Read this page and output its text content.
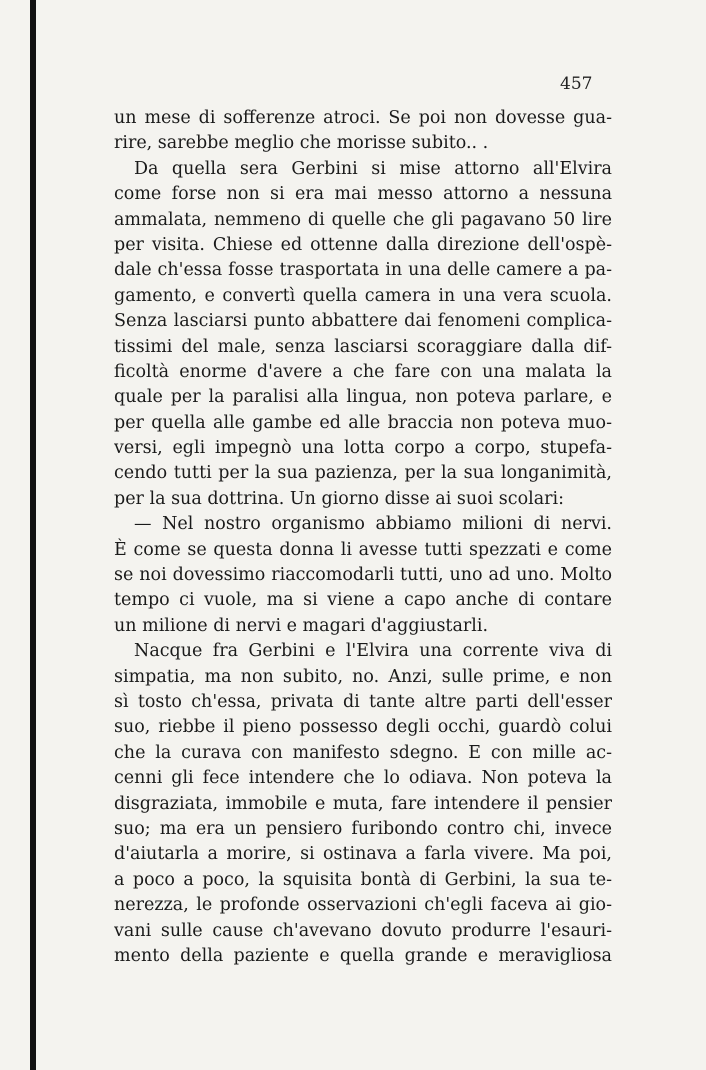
457
un mese di sofferenze atroci. Se poi non dovesse gua-
rire, sarebbe meglio che morisse subito.. .
Da quella sera Gerbini si mise attorno all'Elvira
come forse non si era mai messo attorno a nessuna
ammalata, nemmeno di quelle che gli pagavano 50 lire
per visita. Chiese ed ottenne dalla direzione dell'ospè-
dale ch'essa fosse trasportata in una delle camere a pa-
gamento, e convertì quella camera in una vera scuola.
Senza lasciarsi punto abbattere dai fenomeni complica-
tissimi del male, senza lasciarsi scoraggiare dalla dif-
ficoltà enorme d'avere a che fare con una malata la
quale per la paralisi alla lingua, non poteva parlare, e
per quella alle gambe ed alle braccia non poteva muo-
versi, egli impegnò una lotta corpo a corpo, stupefa-
cendo tutti per la sua pazienza, per la sua longanimità,
per la sua dottrina. Un giorno disse ai suoi scolari:
— Nel nostro organismo abbiamo milioni di nervi.
È come se questa donna li avesse tutti spezzati e come
se noi dovessimo riaccomodarli tutti, uno ad uno. Molto
tempo ci vuole, ma si viene a capo anche di contare
un milione di nervi e magari d'aggiustarli.
Nacque fra Gerbini e l'Elvira una corrente viva di
simpatia, ma non subito, no. Anzi, sulle prime, e non
sì tosto ch'essa, privata di tante altre parti dell'esser
suo, riebbe il pieno possesso degli occhi, guardò colui
che la curava con manifesto sdegno. E con mille ac-
cenni gli fece intendere che lo odiava. Non poteva la
disgraziata, immobile e muta, fare intendere il pensier
suo; ma era un pensiero furibondo contro chi, invece
d'aiutarla a morire, si ostinava a farla vivere. Ma poi,
a poco a poco, la squisita bontà di Gerbini, la sua te-
nerezza, le profonde osservazioni ch'egli faceva ai gio-
vani sulle cause ch'avevano dovuto produrre l'esauri-
mento della paziente e quella grande e meravigliosa
